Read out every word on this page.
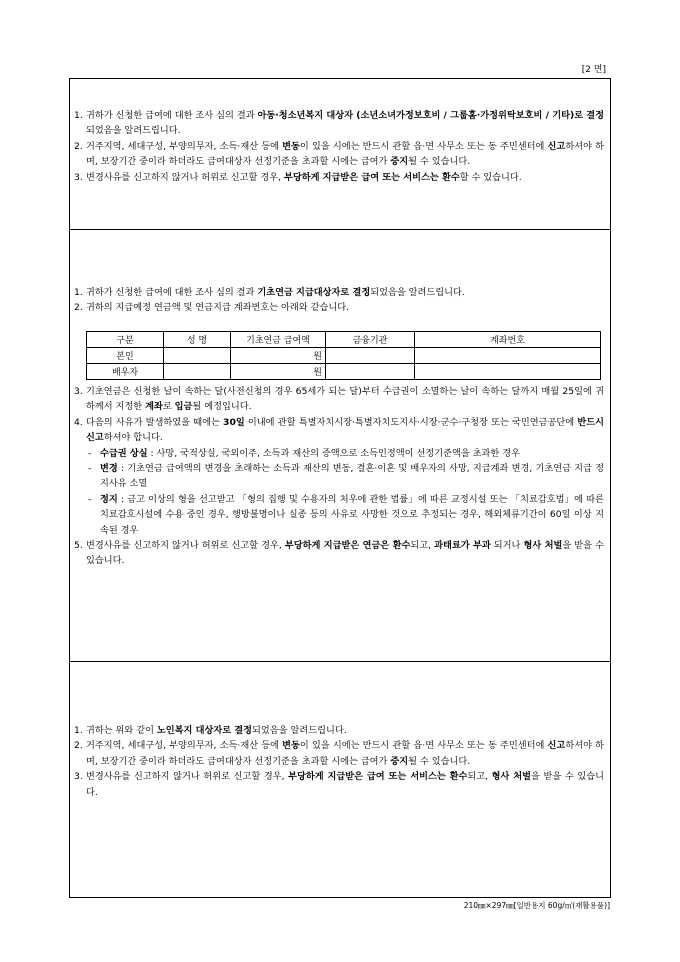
[2 면]
1. 귀하가 신청한 급여에 대한 조사 심의 결과 아동·청소년복지 대상자 (소년소녀가정보호비 / 그룹홈·가정위탁보호비 / 기타)로 결정되었음을 알려드립니다.
2. 거주지역, 세대구성, 부양의무자, 소득·재산 등에 변동이 있을 시에는 반드시 관할 읍·면 사무소 또는 동 주민센터에 신고하셔야 하며, 보장기간 중이라 하더라도 급여대상자 선정기준을 초과할 시에는 급여가 중지될 수 있습니다.
3. 변경사유를 신고하지 않거나 허위로 신고할 경우, 부당하게 지급받은 급여 또는 서비스는 환수할 수 있습니다.
1. 귀하가 신청한 급여에 대한 조사 심의 결과 기초연금 지급대상자로 결정되었음을 알려드립니다.
2. 귀하의 지급예정 연금액 및 연금지급 계좌번호는 아래와 같습니다.
구분	성 명	기초연금 급여액	금융기관	계좌번호
본인		원		
배우자		원		
3. 기초연금은 신청한 날이 속하는 달(사전신청의 경우 65세가 되는 달)부터 수급권이 소멸하는 날이 속하는 달까지 매월 25일에 귀하께서 지정한 계좌로 입금될 예정입니다.
4. 다음의 사유가 발생하였을 때에는 30일 이내에 관할 특별자치시장·특별자치도지사·시장·군수·구청장 또는 국민연금공단에 반드시 신고하셔야 합니다.
- 수급권 상실 : 사망, 국적상실, 국외이주, 소득과 재산의 증액으로 소득인정액이 선정기준액을 초과한 경우
- 변경 : 기초연금 급여액의 변경을 초래하는 소득과 재산의 변동, 결혼·이혼 및 배우자의 사망, 지급계좌 변경, 기초연금 지급 정지사유 소멸
- 정지 : 금고 이상의 형을 선고받고 「형의 집행 및 수용자의 처우에 관한 법률」에 따른 교정시설 또는 「치료감호법」에 따른 치료감호시설에 수용 중인 경우, 행방불명이나 실종 등의 사유로 사망한 것으로 추정되는 경우, 해외체류기간이 60일 이상 지속된 경우
5. 변경사유를 신고하지 않거나 허위로 신고할 경우, 부당하게 지급받은 연금은 환수되고, 과태료가 부과 되거나 형사 처벌을 받을 수 있습니다.
1. 귀하는 위와 같이 노인복지 대상자로 결정되었음을 알려드립니다.
2. 거주지역, 세대구성, 부양의무자, 소득·재산 등에 변동이 있을 시에는 반드시 관할 읍·면 사무소 또는 동 주민센터에 신고하셔야 하며, 보장기간 중이라 하더라도 급여대상자 선정기준을 초과할 시에는 급여가 중지될 수 있습니다.
3. 변경사유를 신고하지 않거나 허위로 신고할 경우, 부당하게 지급받은 급여 또는 서비스는 환수되고, 형사 처벌을 받을 수 있습니다.
210㎜×297㎜[일반용지 60g/㎡(재활용품)]
